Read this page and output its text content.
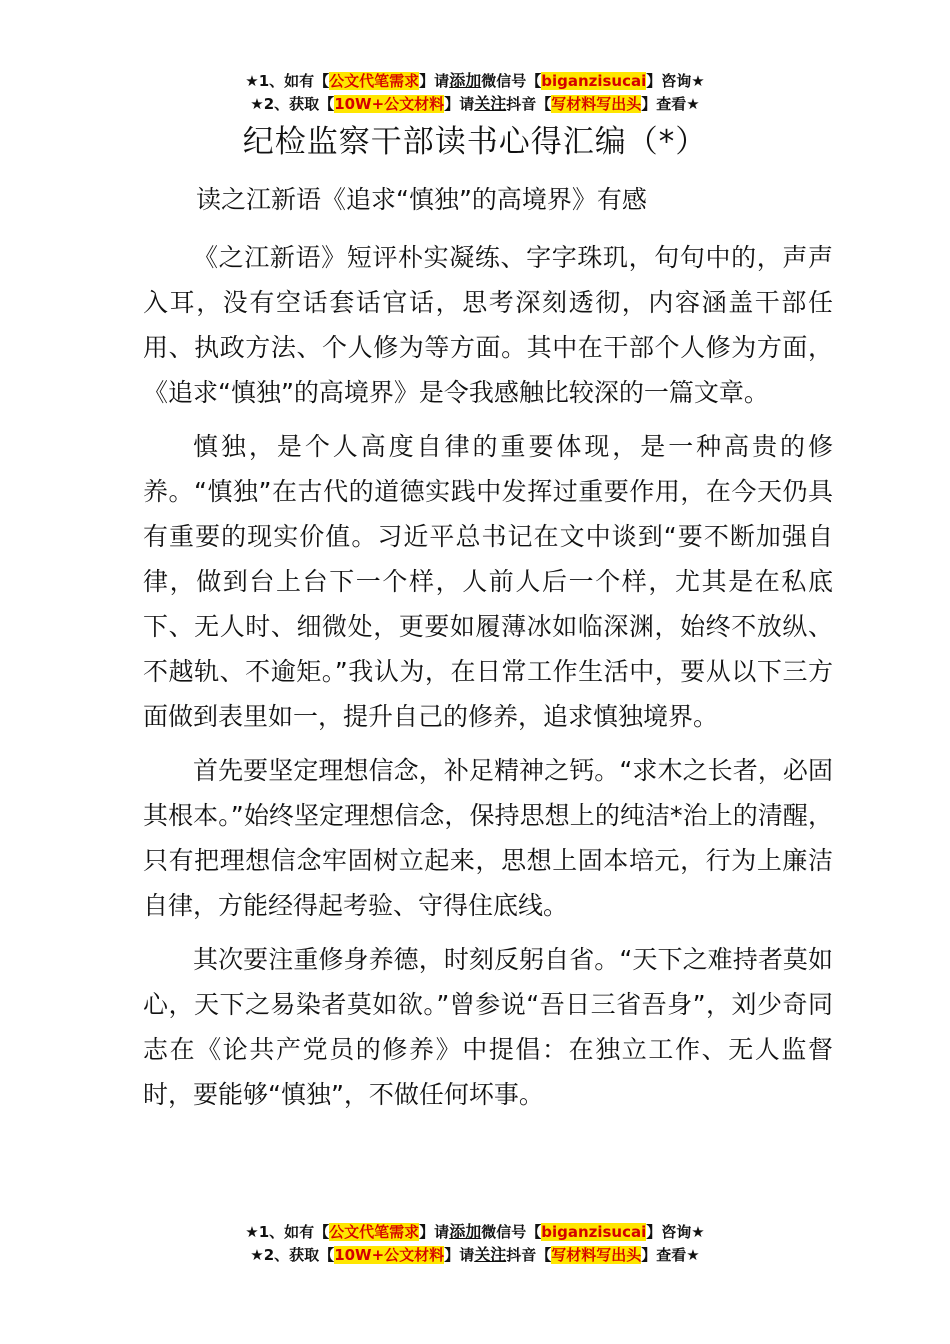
★1、如有【公文代笔需求】请添加微信号【biganzisucai】咨询★
★2、获取【10W+公文材料】请关注抖音【写材料写出头】查看★
纪检监察干部读书心得汇编（*）
读之江新语《追求“慎独”的高境界》有感

《之江新语》短评朴实凝练、字字珠玑，句句中的，声声入耳，没有空话套话官话，思考深刻透彻，内容涵盖干部任用、执政方法、个人修为等方面。其中在干部个人修为方面，《追求“慎独”的高境界》是令我感触比较深的一篇文章。

慎独，是个人高度自律的重要体现，是一种高贵的修养。“慎独”在古代的道德实践中发挥过重要作用，在今天仍具有重要的现实价值。习近平总书记在文中谈到“要不断加强自律，做到台上台下一个样，人前人后一个样，尤其是在私底下、无人时、细微处，更要如履薄冰如临深渊，始终不放纵、不越轨、不逾矩。”我认为，在日常工作生活中，要从以下三方面做到表里如一，提升自己的修养，追求慎独境界。

首先要坚定理想信念，补足精神之钙。“求木之长者，必固其根本。”始终坚定理想信念，保持思想上的纯洁*治上的清醒，只有把理想信念牢固树立起来，思想上固本培元，行为上廉洁自律，方能经得起考验、守得住底线。

其次要注重修身养德，时刻反躬自省。“天下之难持者莫如心，天下之易染者莫如欲。”曾参说“吾日三省吾身”，刘少奇同志在《论共产党员的修养》中提倡：在独立工作、无人监督时，要能够“慎独”，不做任何坏事。

★1、如有【公文代笔需求】请添加微信号【biganzisucai】咨询★
★2、获取【10W+公文材料】请关注抖音【写材料写出头】查看★
